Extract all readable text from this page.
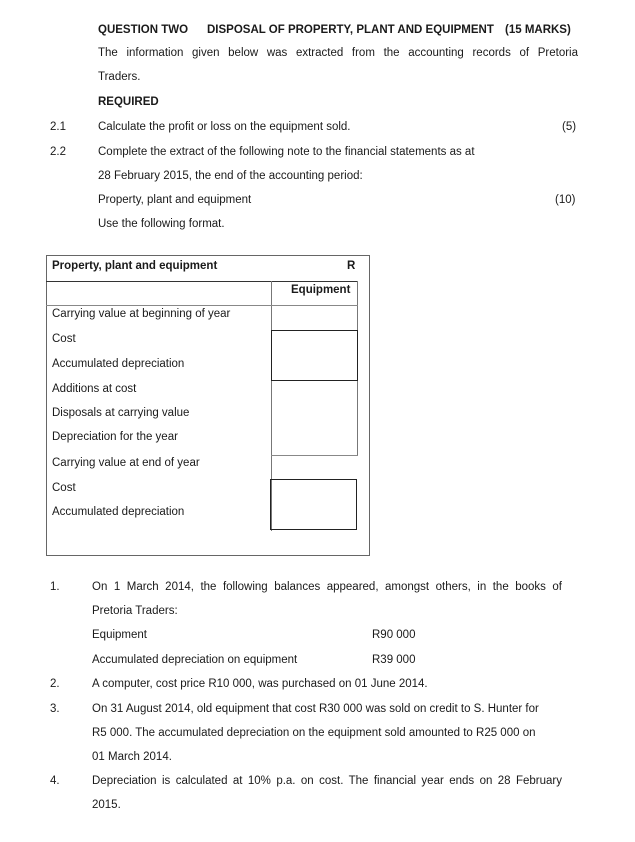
QUESTION TWO DISPOSAL OF PROPERTY, PLANT AND EQUIPMENT (15 MARKS)
The information given below was extracted from the accounting records of Pretoria
Traders.
REQUIRED
2.1	Calculate the profit or loss on the equipment sold.	(5)
2.2	Complete the extract of the following note to the financial statements as at
28 February 2015, the end of the accounting period:
Property, plant and equipment	(10)
Use the following format.
Property, plant and equipment	R
Equipment
Carrying value at beginning of year
Cost
Accumulated depreciation
Additions at cost
Disposals at carrying value
Depreciation for the year
Carrying value at end of year
Cost
Accumulated depreciation
1.	On 1 March 2014, the following balances appeared, amongst others, in the books of
Pretoria Traders:
Equipment	R90 000
Accumulated depreciation on equipment	R39 000
2.	A computer, cost price R10 000, was purchased on 01 June 2014.
3.	On 31 August 2014, old equipment that cost R30 000 was sold on credit to S. Hunter for
R5 000. The accumulated depreciation on the equipment sold amounted to R25 000 on
01 March 2014.
4.	Depreciation is calculated at 10% p.a. on cost. The financial year ends on 28 February
2015.
